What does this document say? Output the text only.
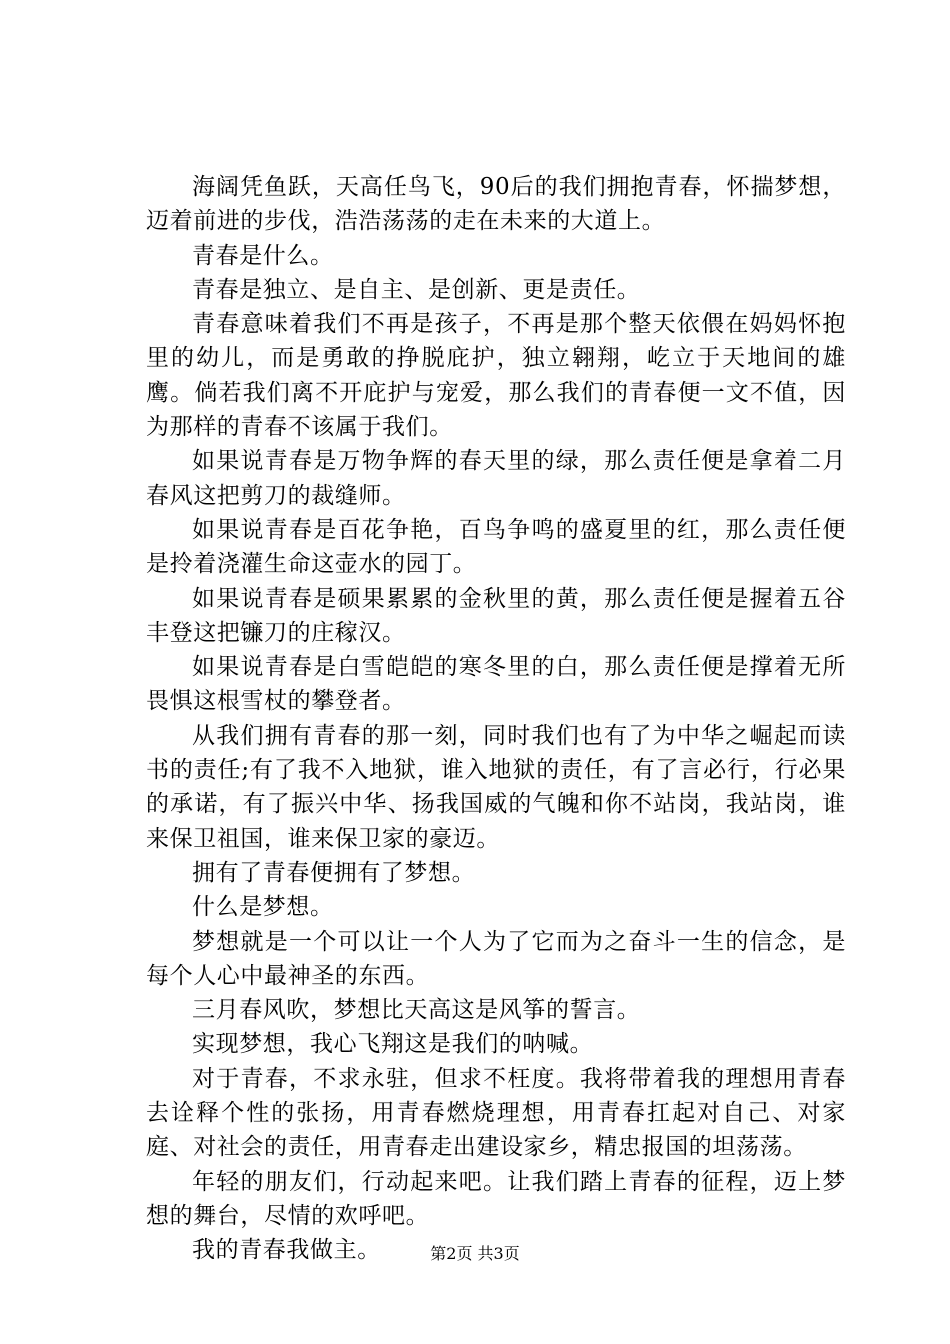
海阔凭鱼跃，天高任鸟飞，90后的我们拥抱青春，怀揣梦想，迈着前进的步伐，浩浩荡荡的走在未来的大道上。

青春是什么。

青春是独立、是自主、是创新、更是责任。

青春意味着我们不再是孩子，不再是那个整天依偎在妈妈怀抱里的幼儿，而是勇敢的挣脱庇护，独立翱翔，屹立于天地间的雄鹰。倘若我们离不开庇护与宠爱，那么我们的青春便一文不值，因为那样的青春不该属于我们。

如果说青春是万物争辉的春天里的绿，那么责任便是拿着二月春风这把剪刀的裁缝师。

如果说青春是百花争艳，百鸟争鸣的盛夏里的红，那么责任便是拎着浇灌生命这壶水的园丁。

如果说青春是硕果累累的金秋里的黄，那么责任便是握着五谷丰登这把镰刀的庄稼汉。

如果说青春是白雪皑皑的寒冬里的白，那么责任便是撑着无所畏惧这根雪杖的攀登者。

从我们拥有青春的那一刻，同时我们也有了为中华之崛起而读书的责任;有了我不入地狱，谁入地狱的责任，有了言必行，行必果的承诺，有了振兴中华、扬我国威的气魄和你不站岗，我站岗，谁来保卫祖国，谁来保卫家的豪迈。

拥有了青春便拥有了梦想。

什么是梦想。

梦想就是一个可以让一个人为了它而为之奋斗一生的信念，是每个人心中最神圣的东西。

三月春风吹，梦想比天高这是风筝的誓言。

实现梦想，我心飞翔这是我们的呐喊。

对于青春，不求永驻，但求不枉度。我将带着我的理想用青春去诠释个性的张扬，用青春燃烧理想，用青春扛起对自己、对家庭、对社会的责任，用青春走出建设家乡，精忠报国的坦荡荡。

年轻的朋友们，行动起来吧。让我们踏上青春的征程，迈上梦想的舞台，尽情的欢呼吧。

我的青春我做主。	第2页 共3页
